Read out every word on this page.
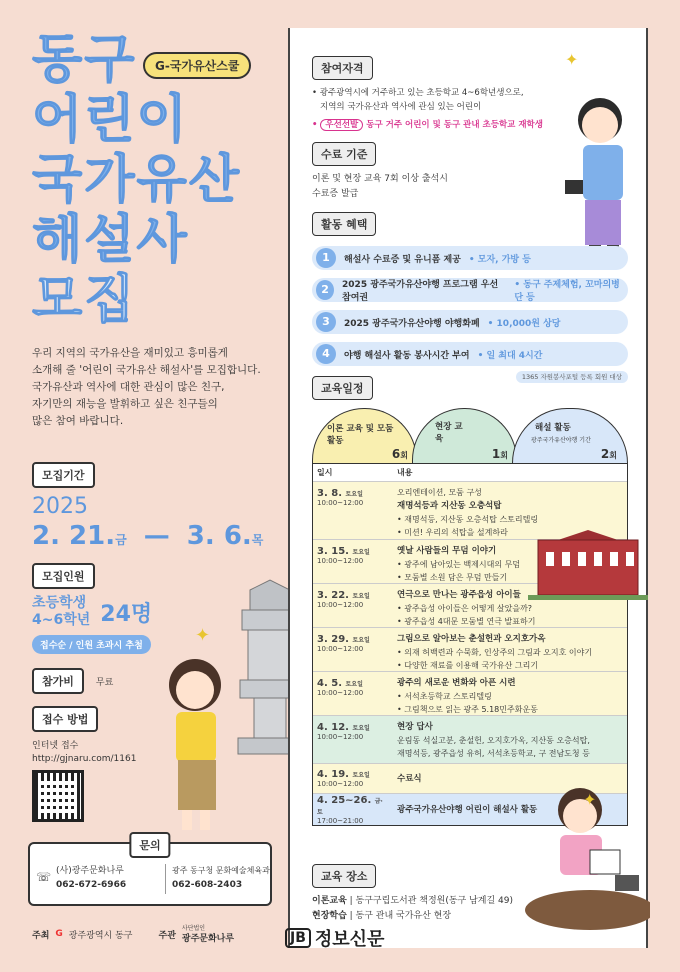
G-국가유산스쿨
동구
어린이
국가유산
해설사
모집
우리 지역의 국가유산을 재미있고 흥미롭게
소개해 줄 '어린이 국가유산 해설사'를 모집합니다.
국가유산과 역사에 대한 관심이 많은 친구,
자기만의 재능을 발휘하고 싶은 친구들의
많은 참여 바랍니다.
모집기간
2025
2. 21.금 — 3. 6.목
모집인원
초등학생
4~6학년 24명
접수순 / 인원 초과시 추첨
참가비	무료
접수 방법
인터넷 접수
http://gjnaru.com/1161
문의
☏ (사)광주문화나루
062-672-6966
광주 동구청 문화예술체육과
062-608-2403
주최 G 광주광역시 동구	주관
사단법인
광주문화나루
✦
참여자격
• 광주광역시에 거주하고 있는 초등학교 4~6학년생으로,
지역의 국가유산과 역사에 관심 있는 어린이
• 우선선발 동구 거주 어린이 및 동구 관내 초등학교 재학생
수료 기준
이론 및 현장 교육 7회 이상 출석시
수료증 발급
✦
활동 혜택
1	해설사 수료증 및 유니폼 제공 • 모자, 가방 등
2	2025 광주국가유산야행 프로그램 우선참여권
• 동구 주제체험, 꼬마의병단 등
3	2025 광주국가유산야행 야행화폐 • 10,000원 상당
4	야행 해설사 활동 봉사시간 부여 • 일 최대 4시간
1365 자원봉사포털 등록 회원 대상
교육일정
이론 교육 및 모둠활동
6회
현장 교육
1회
해설 활동
광주국가유산야행 기간
2회
일시	내용
3. 8. 토요일
10:00~12:00
오리엔테이션, 모둠 구성
재명석등과 지산동 오층석탑
• 재명석등, 지산동 오층석탑 스토리텔링
• 미션! 우리의 석탑을 설계하라
3. 15. 토요일
10:00~12:00
옛날 사람들의 무덤 이야기
• 광주에 남아있는 백제시대의 무덤
• 모둠별 소원 담은 무덤 만들기
3. 22. 토요일
10:00~12:00
연극으로 만나는 광주읍성 아이들
• 광주읍성 아이들은 어떻게 살았을까?
• 광주읍성 4대문 모둠별 연극 발표하기
3. 29. 토요일
10:00~12:00
그림으로 알아보는 춘설헌과 오지호가옥
• 의재 허백련과 수묵화, 인상주의 그림과 오지호 이야기
• 다양한 재료를 이용해 국가유산 그리기
4. 5. 토요일
10:00~12:00
광주의 새로운 변화와 아픈 시련
• 서석초등학교 스토리텔링
• 그림책으로 읽는 광주 5.18민주화운동
4. 12. 토요일
10:00~12:00
현장 답사
운림동 석실고분, 춘설헌, 오지호가옥, 지산동 오층석탑,
재명석등, 광주읍성 유허, 서석초등학교, 구 전남도청 등
4. 19. 토요일
10:00~12:00
수료식
4. 25~26. 금·토
17:00~21:00
광주국가유산야행 어린이 해설사 활동
✦
교육 장소
이론교육 | 동구구립도서관 책정원(동구 남계길 49)
현장학습 | 동구 관내 국가유산 현장
JB 정보신문
